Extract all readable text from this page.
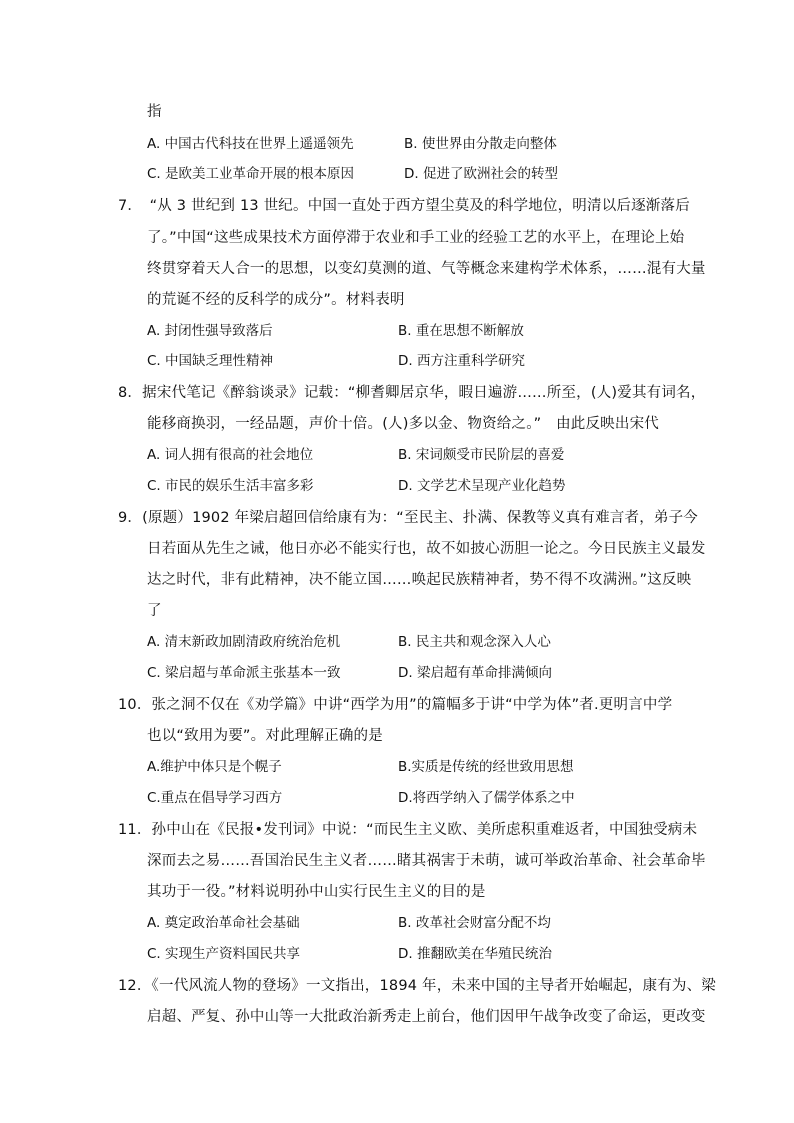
指
A. 中国古代科技在世界上遥遥领先	B. 使世界由分散走向整体
C. 是欧美工业革命开展的根本原因	D. 促进了欧洲社会的转型
7．　“从 3 世纪到 13 世纪。中国一直处于西方望尘莫及的科学地位，明清以后逐渐落后
了。”中国“这些成果技术方面停滞于农业和手工业的经验工艺的水平上，在理论上始
终贯穿着天人合一的思想，以变幻莫测的道、气等概念来建构学术体系，……混有大量
的荒诞不经的反科学的成分”。材料表明
A. 封闭性强导致落后	B. 重在思想不断解放
C. 中国缺乏理性精神	D. 西方注重科学研究
8．据宋代笔记《醉翁谈录》记载：“柳耆卿居京华，暇日遍游……所至，(人)爱其有词名，
能移商换羽，一经品题，声价十倍。(人)多以金、物资给之。”　由此反映出宋代
A. 词人拥有很高的社会地位	B. 宋词颇受市民阶层的喜爱
C. 市民的娱乐生活丰富多彩	D. 文学艺术呈现产业化趋势
9．(原题）1902 年梁启超回信给康有为：“至民主、扑满、保教等义真有难言者，弟子今
日若面从先生之诫，他日亦必不能实行也，故不如披心沥胆一论之。今日民族主义最发
达之时代，非有此精神，决不能立国……唤起民族精神者，势不得不攻满洲。”这反映
了
A. 清末新政加剧清政府统治危机	B. 民主共和观念深入人心
C. 梁启超与革命派主张基本一致	D. 梁启超有革命排满倾向
10．张之洞不仅在《劝学篇》中讲“西学为用”的篇幅多于讲“中学为体”者.更明言中学
也以“致用为要”。对此理解正确的是
A.维护中体只是个幌子	B.实质是传统的经世致用思想
C.重点在倡导学习西方	D.将西学纳入了儒学体系之中
11．孙中山在《民报•发刊词》中说：“而民生主义欧、美所虑积重难返者，中国独受病未
深而去之易……吾国治民生主义者……睹其祸害于未萌，诚可举政治革命、社会革命毕
其功于一役。”材料说明孙中山实行民生主义的目的是
A. 奠定政治革命社会基础	B. 改革社会财富分配不均
C. 实现生产资料国民共享	D. 推翻欧美在华殖民统治
12．《一代风流人物的登场》一文指出，1894 年，未来中国的主导者开始崛起，康有为、梁
启超、严复、孙中山等一大批政治新秀走上前台，他们因甲午战争改变了命运，更改变
